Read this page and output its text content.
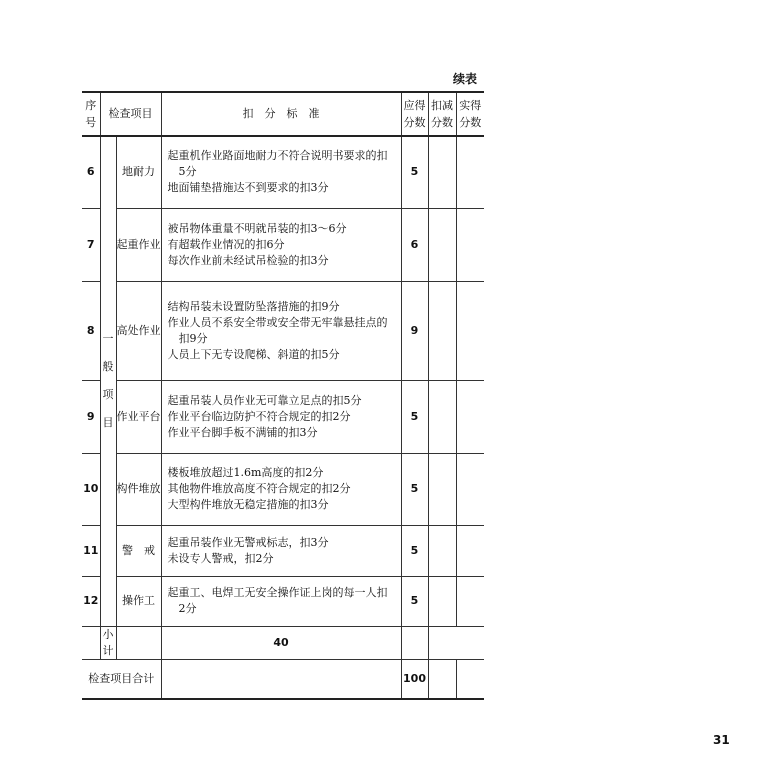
续表
序号	检查项目		扣　分　标　准	应得分数	扣减分数	实得分数
6	一般项目	地耐力	起重机作业路面地耐力不符合说明书要求的扣
5分
地面铺垫措施达不到要求的扣3分	5		
7		起重作业	被吊物体重量不明就吊装的扣3～6分
有超载作业情况的扣6分
每次作业前未经试吊检验的扣3分	6		
8		高处作业	结构吊装未设置防坠落措施的扣9分
作业人员不系安全带或安全带无牢靠悬挂点的
扣9分
人员上下无专设爬梯、斜道的扣5分	9		
9		作业平台	起重吊装人员作业无可靠立足点的扣5分
作业平台临边防护不符合规定的扣2分
作业平台脚手板不满铺的扣3分	5		
10		构件堆放	楼板堆放超过1.6m高度的扣2分
其他物件堆放高度不符合规定的扣2分
大型构件堆放无稳定措施的扣3分	5		
11		警　戒	起重吊装作业无警戒标志，扣3分
未设专人警戒，扣2分	5		
12		操作工	起重工、电焊工无安全操作证上岗的每一人扣
2分	5		
	小　计		40			
检查项目合计				100		
31
